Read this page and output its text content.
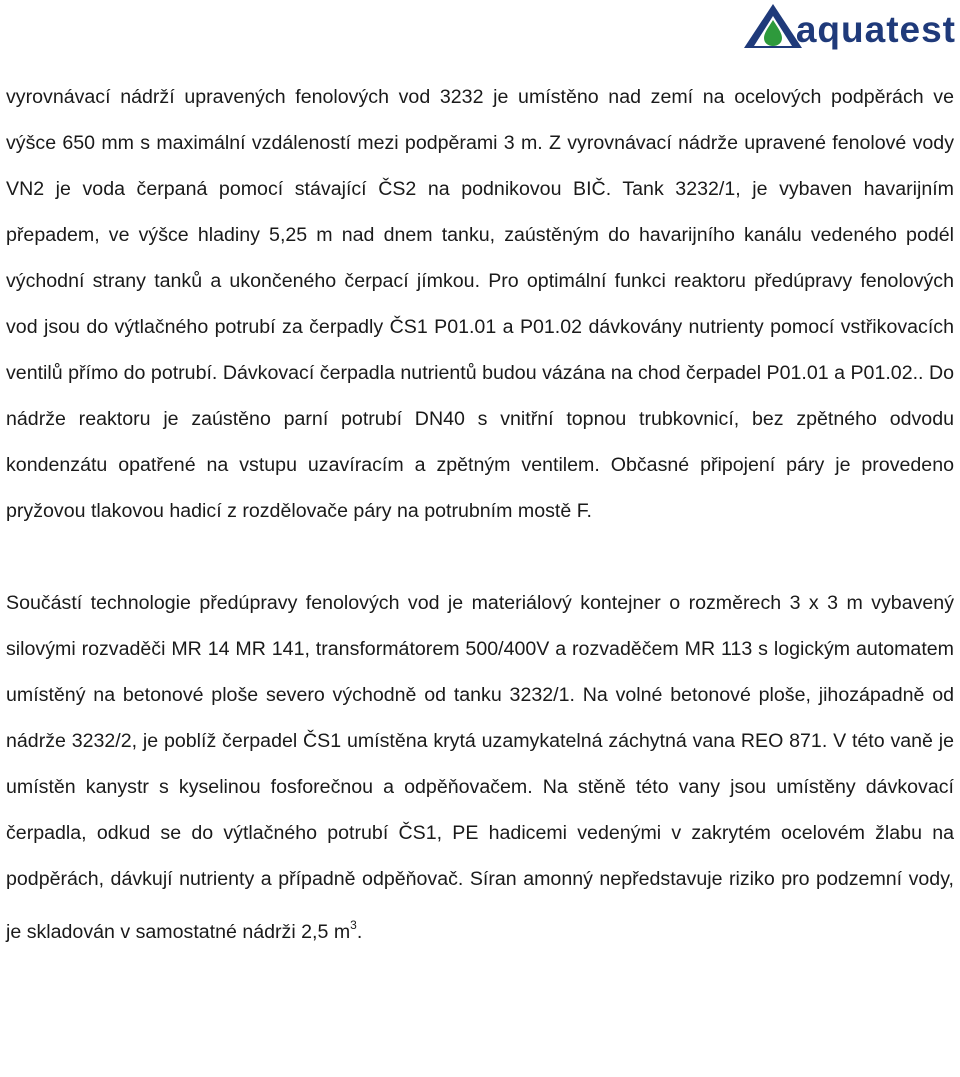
aquatest

vyrovnávací nádrží upravených fenolových vod 3232 je umístěno nad zemí na ocelových podpěrách ve výšce 650 mm s maximální vzdáleností mezi podpěrami 3 m. Z vyrovnávací nádrže upravené fenolové vody VN2 je voda čerpaná pomocí stávající ČS2 na podnikovou BIČ. Tank 3232/1, je vybaven havarijním přepadem, ve výšce hladiny 5,25 m nad dnem tanku, zaústěným do havarijního kanálu vedeného podél východní strany tanků a ukončeného čerpací jímkou. Pro optimální funkci reaktoru předúpravy fenolových vod jsou do výtlačného potrubí za čerpadly ČS1 P01.01 a P01.02 dávkovány nutrienty pomocí vstřikovacích ventilů přímo do potrubí. Dávkovací čerpadla nutrientů budou vázána na chod čerpadel P01.01 a P01.02.. Do nádrže reaktoru je zaústěno parní potrubí DN40 s vnitřní topnou trubkovnicí, bez zpětného odvodu kondenzátu opatřené na vstupu uzavíracím a zpětným ventilem. Občasné připojení páry je provedeno pryžovou tlakovou hadicí z rozdělovače páry na potrubním mostě F.

Součástí technologie předúpravy fenolových vod je materiálový kontejner o rozměrech 3 x 3 m vybavený silovými rozvaděči MR 14 MR 141, transformátorem 500/400V a rozvaděčem MR 113 s logickým automatem umístěný na betonové ploše severo východně od tanku 3232/1. Na volné betonové ploše, jihozápadně od nádrže 3232/2, je poblíž čerpadel ČS1 umístěna krytá uzamykatelná záchytná vana REO 871. V této vaně je umístěn kanystr s kyselinou fosforečnou a odpěňovačem. Na stěně této vany jsou umístěny dávkovací čerpadla, odkud se do výtlačného potrubí ČS1, PE hadicemi vedenými v zakrytém ocelovém žlabu na podpěrách, dávkují nutrienty a případně odpěňovač. Síran amonný nepředstavuje riziko pro podzemní vody, je skladován v samostatné nádrži 2,5 $m^3$.
